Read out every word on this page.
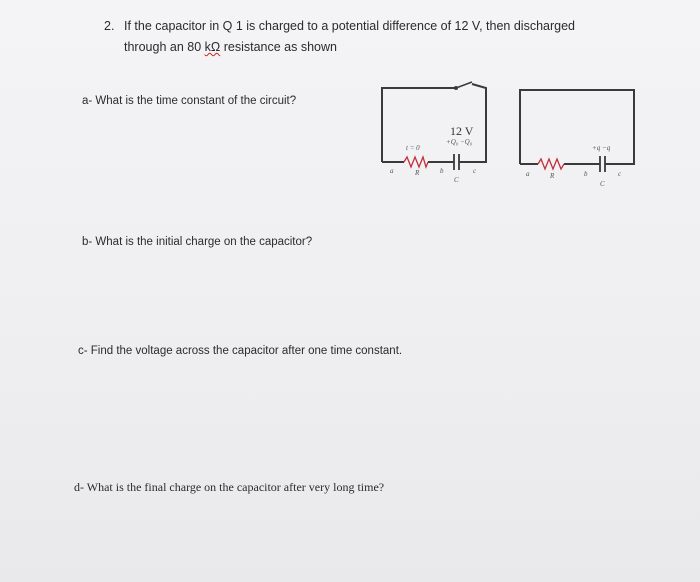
2. If the capacitor in Q 1 is charged to a potential difference of 12 V, then discharged
through an 80 kΩ resistance as shown
a- What is the time constant of the circuit?
b- What is the initial charge on the capacitor?
c- Find the voltage across the capacitor after one time constant.
d- What is the final charge on the capacitor after very long time?
12 V
+Q₀ −Q₀
t = 0
R
C
a	b	c
+q −q
R
C
a	b	c
